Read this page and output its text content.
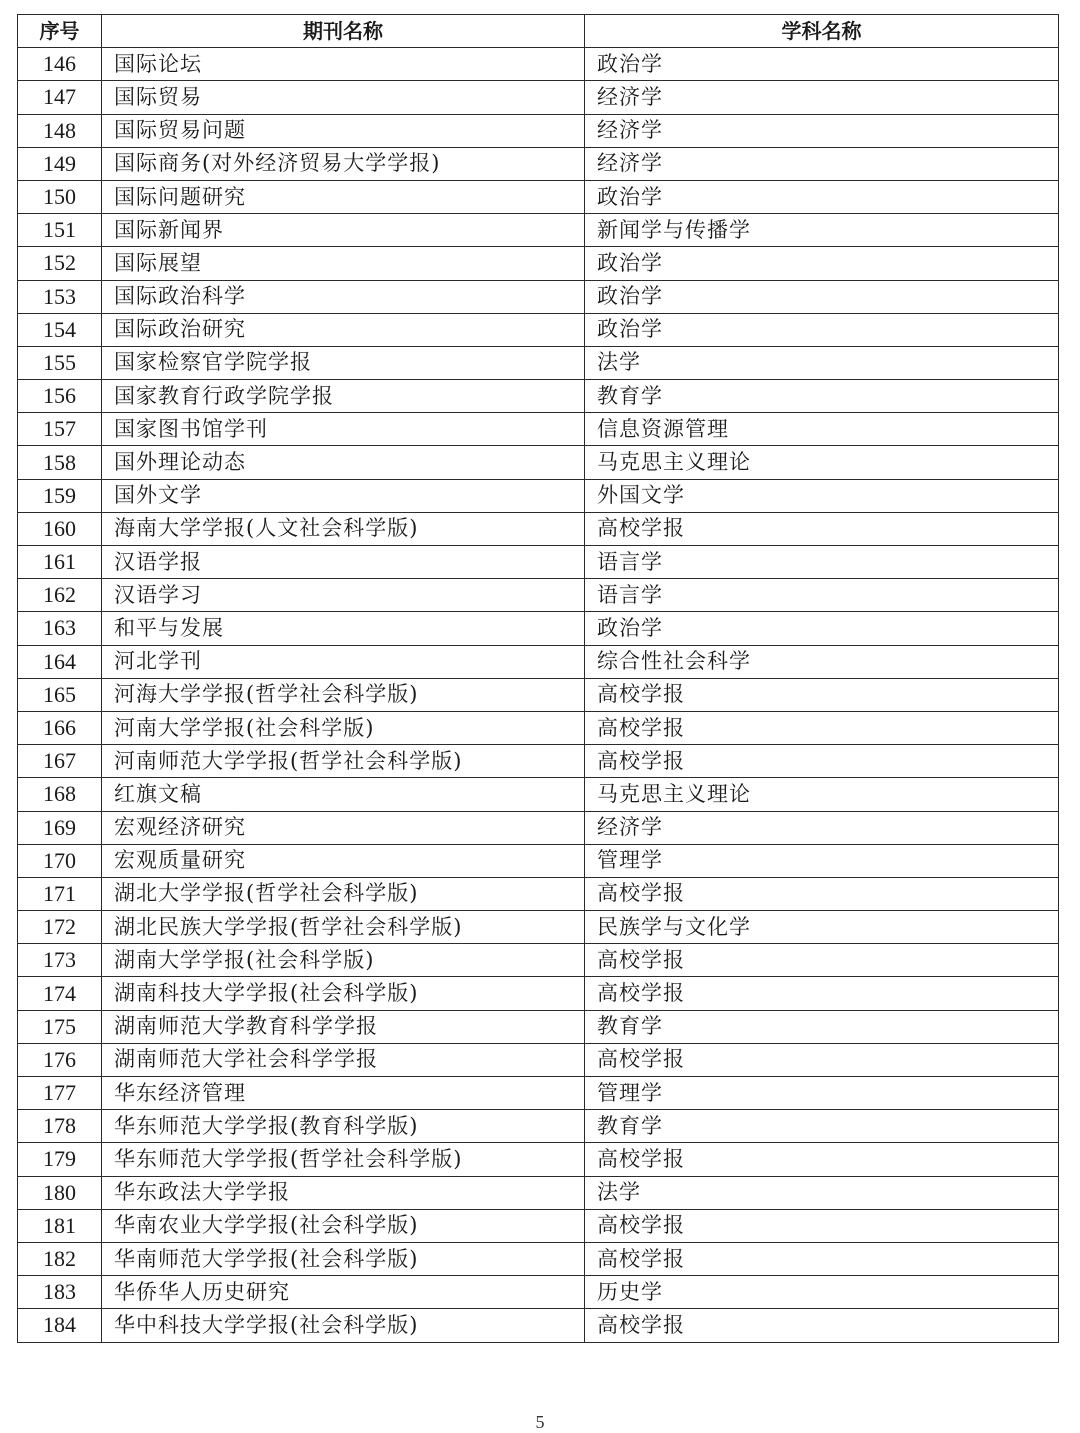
序号	期刊名称	学科名称
146	国际论坛	政治学
147	国际贸易	经济学
148	国际贸易问题	经济学
149	国际商务(对外经济贸易大学学报)	经济学
150	国际问题研究	政治学
151	国际新闻界	新闻学与传播学
152	国际展望	政治学
153	国际政治科学	政治学
154	国际政治研究	政治学
155	国家检察官学院学报	法学
156	国家教育行政学院学报	教育学
157	国家图书馆学刊	信息资源管理
158	国外理论动态	马克思主义理论
159	国外文学	外国文学
160	海南大学学报(人文社会科学版)	高校学报
161	汉语学报	语言学
162	汉语学习	语言学
163	和平与发展	政治学
164	河北学刊	综合性社会科学
165	河海大学学报(哲学社会科学版)	高校学报
166	河南大学学报(社会科学版)	高校学报
167	河南师范大学学报(哲学社会科学版)	高校学报
168	红旗文稿	马克思主义理论
169	宏观经济研究	经济学
170	宏观质量研究	管理学
171	湖北大学学报(哲学社会科学版)	高校学报
172	湖北民族大学学报(哲学社会科学版)	民族学与文化学
173	湖南大学学报(社会科学版)	高校学报
174	湖南科技大学学报(社会科学版)	高校学报
175	湖南师范大学教育科学学报	教育学
176	湖南师范大学社会科学学报	高校学报
177	华东经济管理	管理学
178	华东师范大学学报(教育科学版)	教育学
179	华东师范大学学报(哲学社会科学版)	高校学报
180	华东政法大学学报	法学
181	华南农业大学学报(社会科学版)	高校学报
182	华南师范大学学报(社会科学版)	高校学报
183	华侨华人历史研究	历史学
184	华中科技大学学报(社会科学版)	高校学报
5
